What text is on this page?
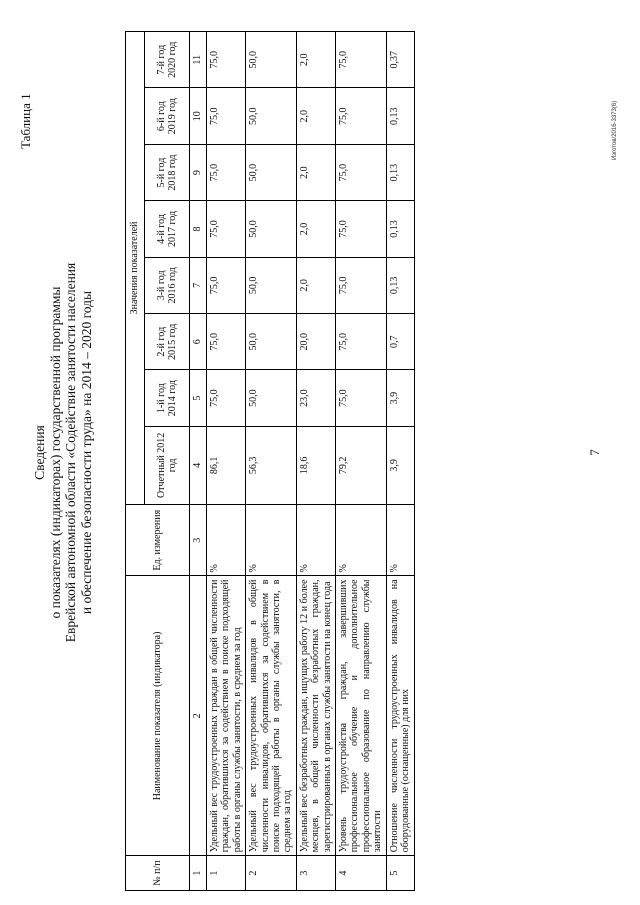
7
Таблица 1	Изготов/2016-3373(6)
Сведения о показателях (индикаторах) государственной программы Еврейской автономной области «Содействие занятости населения и обеспечение безопасности труда» на 2014 – 2020 годы
№ п/п	Наименование показателя (индикатора)	Ед. измерения	Значения показателей							
			Отчетный 2012 год	1-й год 2014 год	2-й год 2015 год	3-й год 2016 год	4-й год 2017 год	5-й год 2018 год	6-й год 2019 год	7-й год 2020 год
1	2	3	4	5	6	7	8	9	10	11
1	Удельный вес трудоустроенных граждан в общей численности граждан, обратившихся за содействием в поиске подходящей работы в органы службы занятости, в среднем за год	%	86,1	75,0	75,0	75,0	75,0	75,0	75,0	75,0
2	Удельный вес трудоустроенных инвалидов в общей численности инвалидов, обратившихся за содействием в поиске подходящей работы в органы службы занятости, в среднем за год	%	56,3	50,0	50,0	50,0	50,0	50,0	50,0	50,0
3	Удельный вес безработных граждан, ищущих работу 12 и более месяцев, в общей численности безработных граждан, зарегистрированных в органах службы занятости на конец года	%	18,6	23,0	20,0	2,0	2,0	2,0	2,0	2,0
4	Уровень трудоустройства граждан, завершивших профессиональное обучение и дополнительное профессиональное образование по направлению службы занятости	%	79,2	75,0	75,0	75,0	75,0	75,0	75,0	75,0
5	Отношение численности трудоустроенных инвалидов на оборудованные (оснащенные) для них	%	3,9	3,9	0,7	0,13	0,13	0,13	0,13	0,37
